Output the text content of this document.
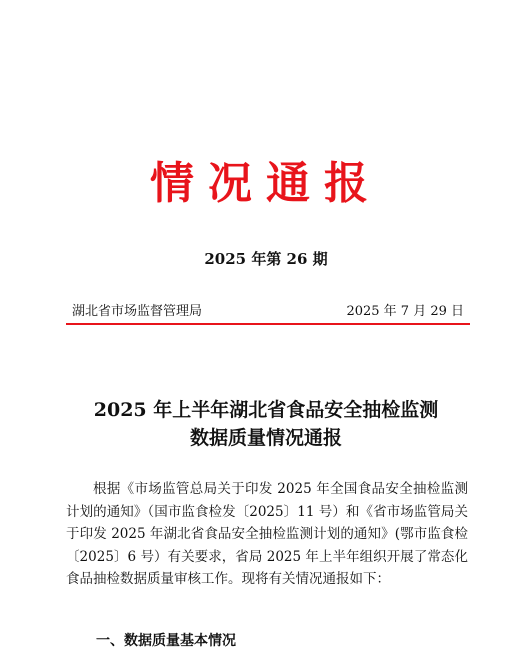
情况通报
2025 年第 26 期
湖北省市场监督管理局	2025 年 7 月 29 日
2025 年上半年湖北省食品安全抽检监测
数据质量情况通报

根据《市场监管总局关于印发 2025 年全国食品安全抽检监测计划的通知》（国市监食检发〔2025〕11 号）和《省市场监管局关于印发 2025 年湖北省食品安全抽检监测计划的通知》(鄂市监食检〔2025〕6 号）有关要求，省局 2025 年上半年组织开展了常态化食品抽检数据质量审核工作。现将有关情况通报如下：

一、数据质量基本情况
